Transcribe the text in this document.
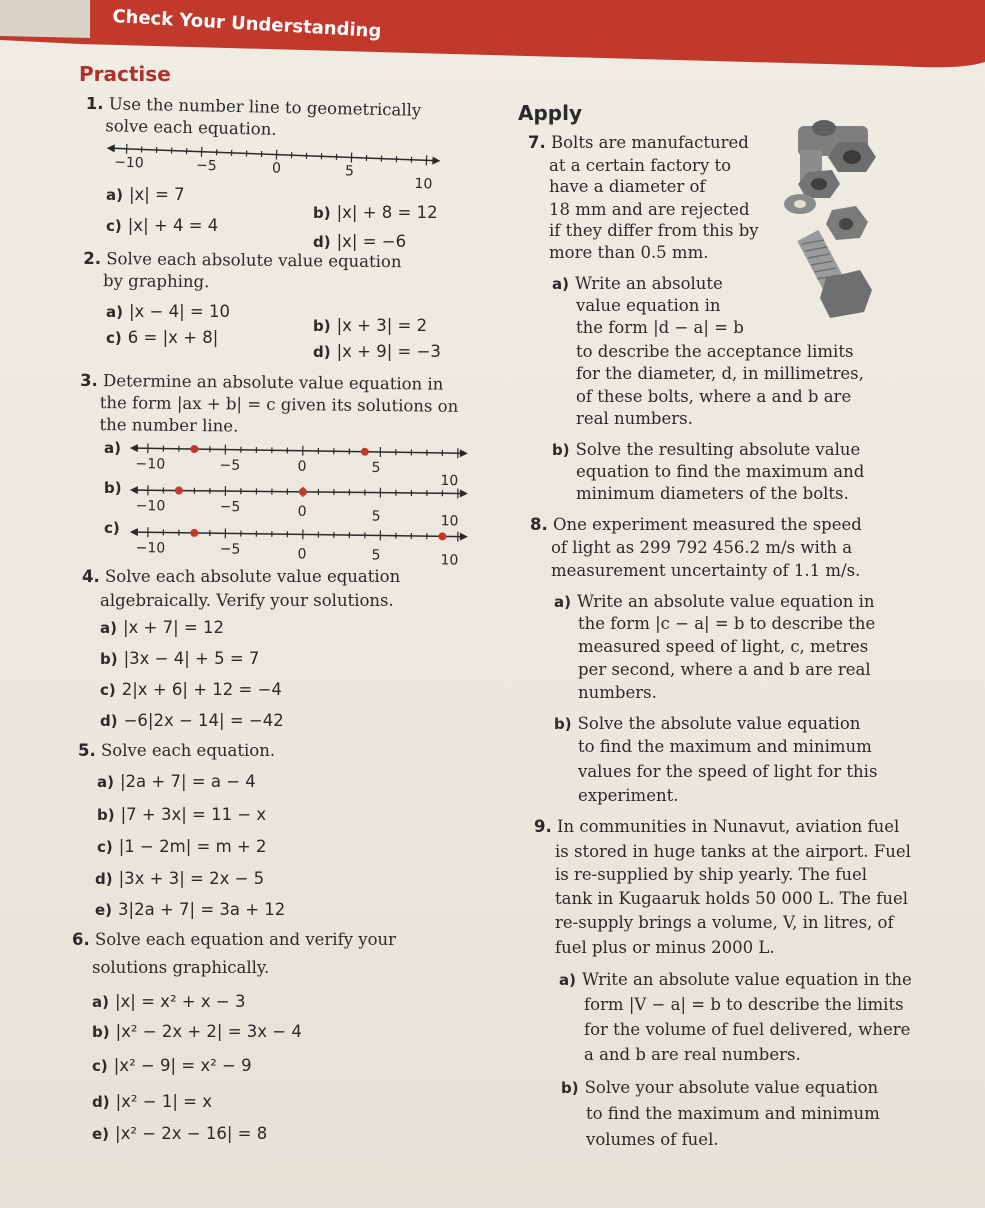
Check Your Understanding
Practise
Apply
1. Use the number line to geometrically
solve each equation.
−10	−5	0	5
10
a) |x| = 7
b) |x| + 8 = 12
c) |x| + 4 = 4
d) |x| = −6
2. Solve each absolute value equation
by graphing.
a) |x − 4| = 10
b) |x + 3| = 2
c) 6 = |x + 8|
d) |x + 9| = −3
3. Determine an absolute value equation in
the form |ax + b| = c given its solutions on
the number line.
a)
−10	−5	0	5
10
b)
−10	−5	0	5	10
c)
−10	−5	0	5	10
4. Solve each absolute value equation
algebraically. Verify your solutions.
a) |x + 7| = 12
b) |3x − 4| + 5 = 7
c) 2|x + 6| + 12 = −4
d) −6|2x − 14| = −42
5. Solve each equation.
a) |2a + 7| = a − 4
b) |7 + 3x| = 11 − x
c) |1 − 2m| = m + 2
d) |3x + 3| = 2x − 5
e) 3|2a + 7| = 3a + 12
6. Solve each equation and verify your
solutions graphically.
a) |x| = x² + x − 3
b) |x² − 2x + 2| = 3x − 4
c) |x² − 9| = x² − 9
d) |x² − 1| = x
e) |x² − 2x − 16| = 8
7. Bolts are manufactured
at a certain factory to
have a diameter of
18 mm and are rejected
if they differ from this by
more than 0.5 mm.
a) Write an absolute
value equation in
the form |d − a| = b
to describe the acceptance limits
for the diameter, d, in millimetres,
of these bolts, where a and b are
real numbers.
b) Solve the resulting absolute value
equation to find the maximum and
minimum diameters of the bolts.
8. One experiment measured the speed
of light as 299 792 456.2 m/s with a
measurement uncertainty of 1.1 m/s.
a) Write an absolute value equation in
the form |c − a| = b to describe the
measured speed of light, c, metres
per second, where a and b are real
numbers.
b) Solve the absolute value equation
to find the maximum and minimum
values for the speed of light for this
experiment.
9. In communities in Nunavut, aviation fuel
is stored in huge tanks at the airport. Fuel
is re-supplied by ship yearly. The fuel
tank in Kugaaruk holds 50 000 L. The fuel
re-supply brings a volume, V, in litres, of
fuel plus or minus 2000 L.
a) Write an absolute value equation in the
form |V − a| = b to describe the limits
for the volume of fuel delivered, where
a and b are real numbers.
b) Solve your absolute value equation
to find the maximum and minimum
volumes of fuel.
